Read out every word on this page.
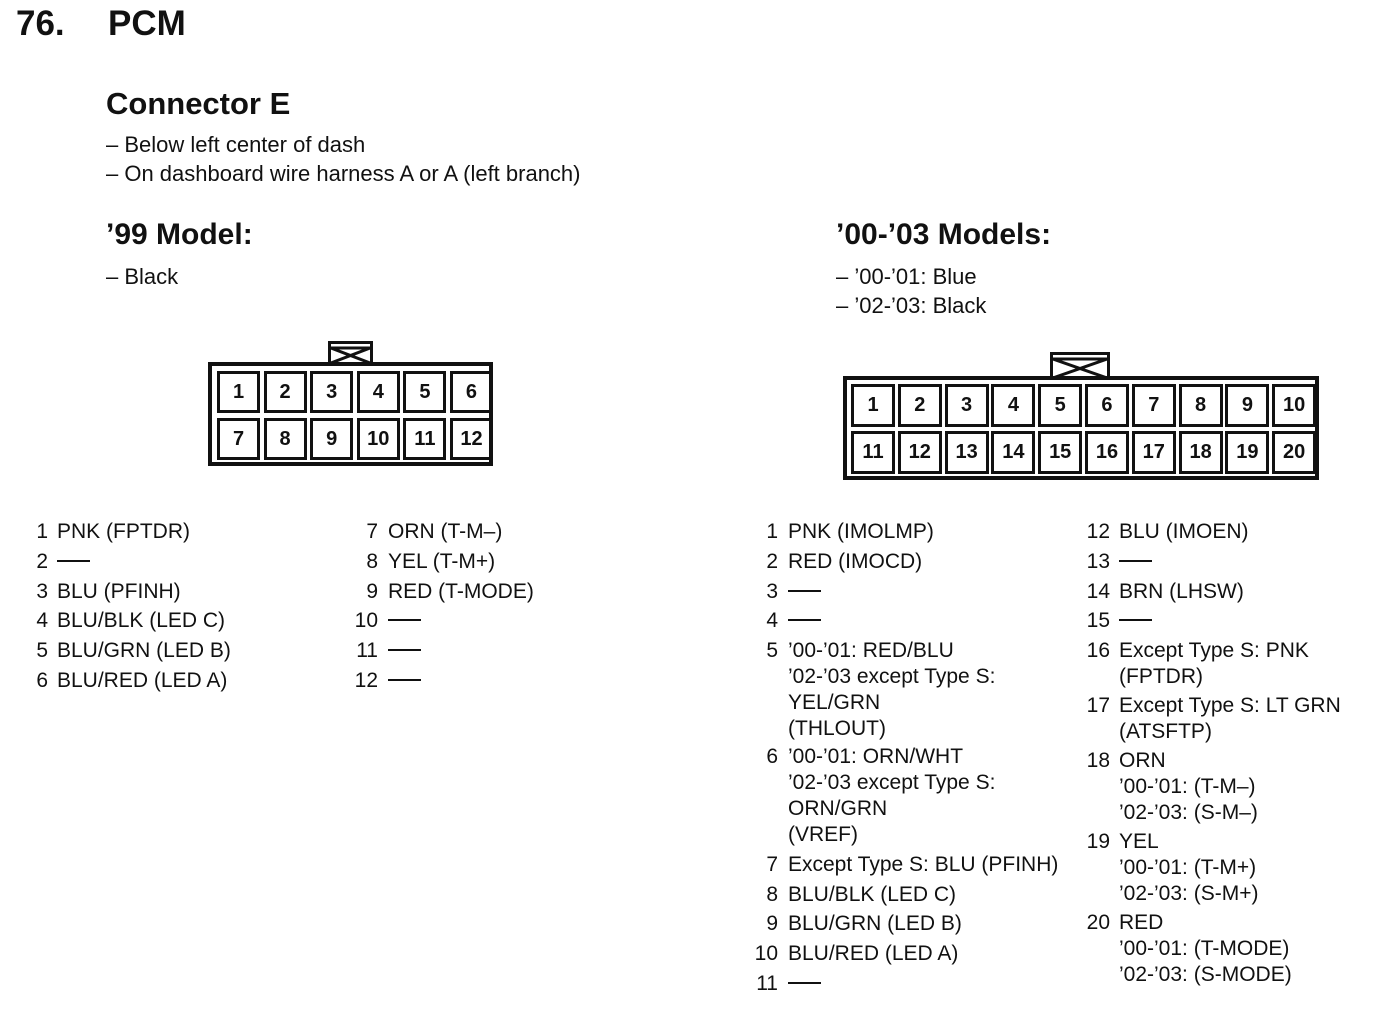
76. PCM
Connector E
– Below left center of dash
– On dashboard wire harness A or A (left branch)
’99 Model:
– Black
’00-’03 Models:
– ’00-’01: Blue
– ’02-’03: Black
1	2	3	4	5	6
7	8	9	10	11	12
1	2	3	4	5	6	7	8	9	10
11	12	13	14	15	16	17	18	19	20
1 PNK (FPTDR)
2
3 BLU (PFINH)
4 BLU/BLK (LED C)
5 BLU/GRN (LED B)
6 BLU/RED (LED A)
7 ORN (T-M–)
8 YEL (T-M+)
9 RED (T-MODE)
10
11
12
1 PNK (IMOLMP)
2 RED (IMOCD)
3
4
5 ’00-’01: RED/BLU
’02-’03 except Type S:
YEL/GRN
(THLOUT)
6 ’00-’01: ORN/WHT
’02-’03 except Type S:
ORN/GRN
(VREF)
7 Except Type S: BLU (PFINH)
8 BLU/BLK (LED C)
9 BLU/GRN (LED B)
10 BLU/RED (LED A)
11
12 BLU (IMOEN)
13
14 BRN (LHSW)
15
16 Except Type S: PNK
(FPTDR)
17 Except Type S: LT GRN
(ATSFTP)
18 ORN
’00-’01: (T-M–)
’02-’03: (S-M–)
19 YEL
’00-’01: (T-M+)
’02-’03: (S-M+)
20 RED
’00-’01: (T-MODE)
’02-’03: (S-MODE)
